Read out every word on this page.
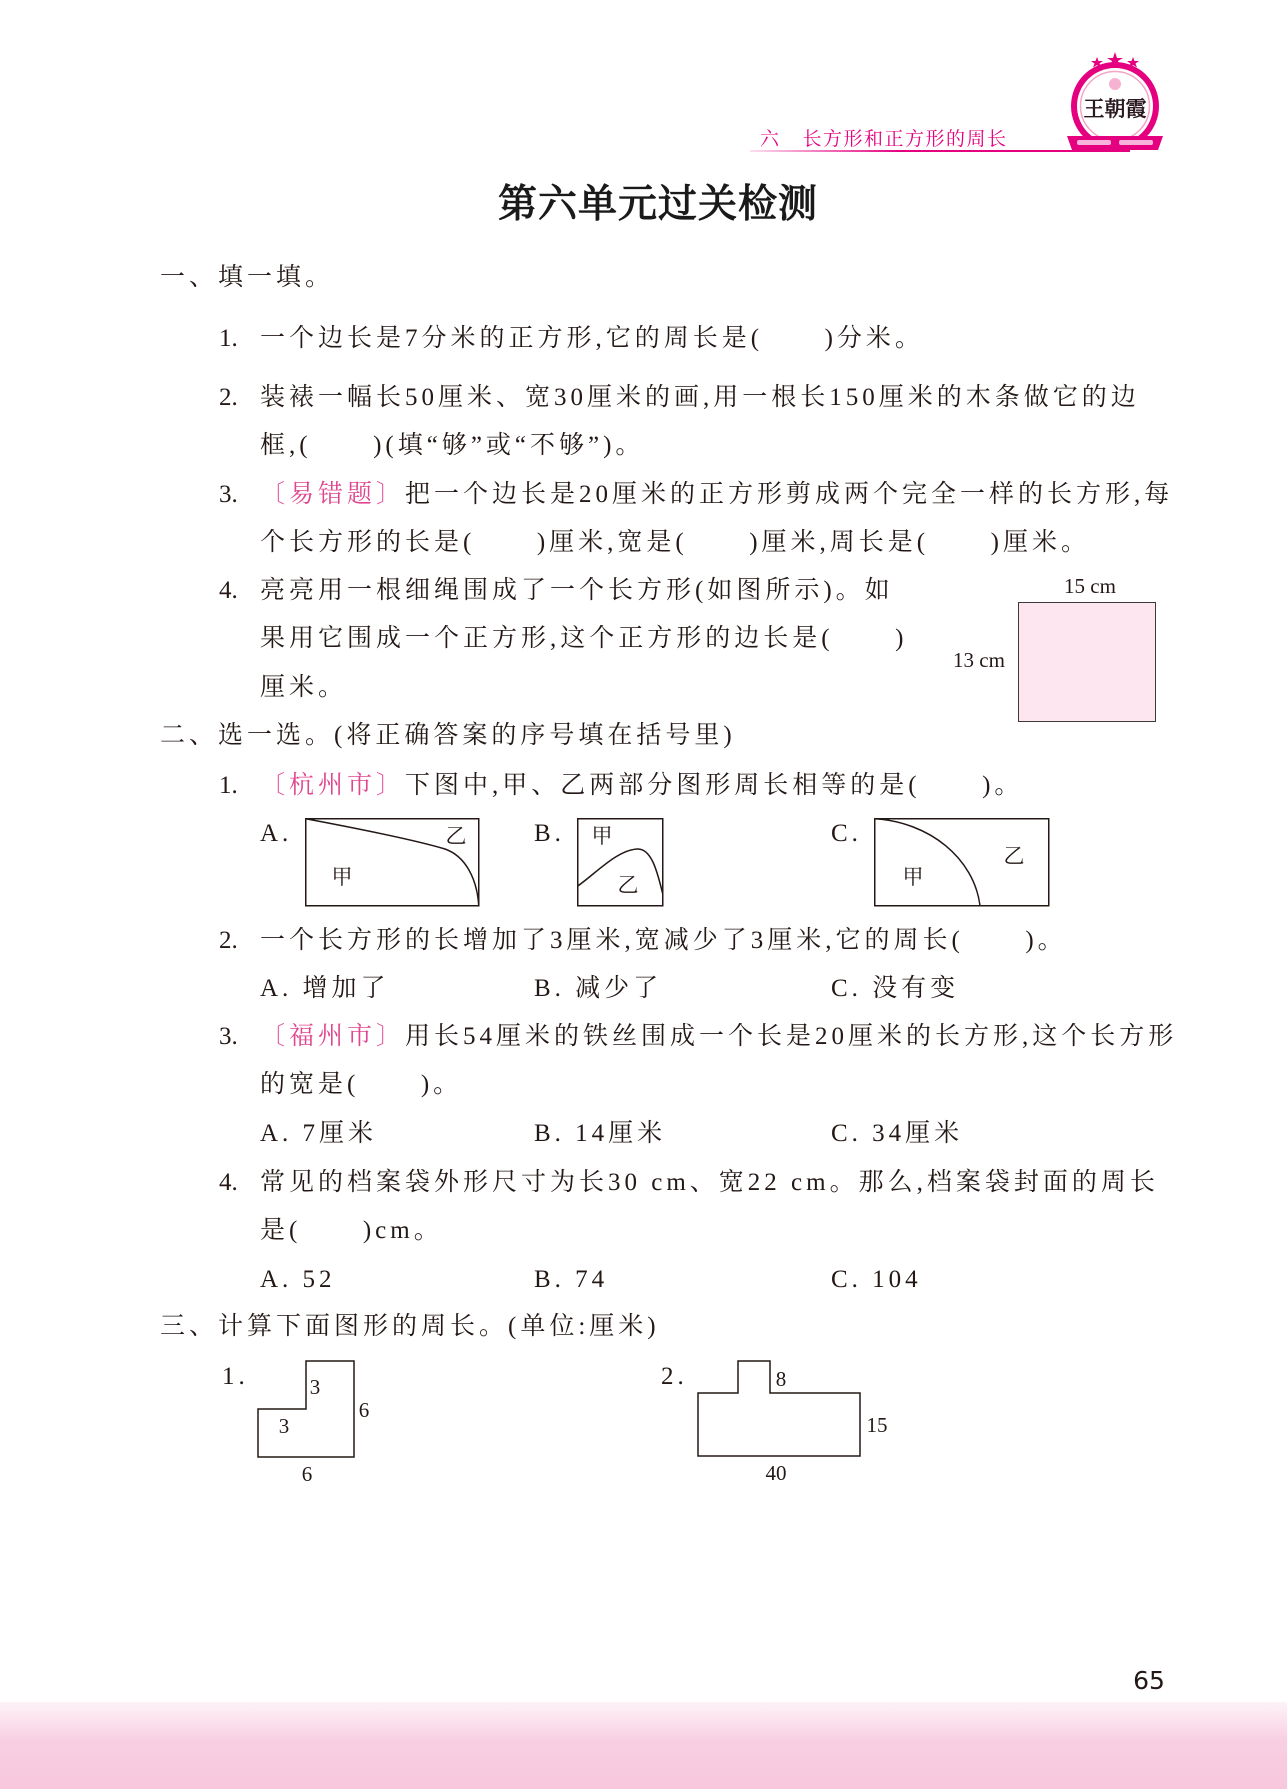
六 长方形和正方形的周长
王朝霞
第六单元过关检测
一、填一填。
1. 一个边长是7分米的正方形,它的周长是(      )分米。
2. 装裱一幅长50厘米、宽30厘米的画,用一根长150厘米的木条做它的边
框,(      )(填“够”或“不够”)。
3. 〔易错题〕把一个边长是20厘米的正方形剪成两个完全一样的长方形,每
个长方形的长是(      )厘米,宽是(      )厘米,周长是(      )厘米。
4. 亮亮用一根细绳围成了一个长方形(如图所示)。如
果用它围成一个正方形,这个正方形的边长是(      )
厘米。
15 cm
13 cm
二、选一选。(将正确答案的序号填在括号里)
1. 〔杭州市〕下图中,甲、乙两部分图形周长相等的是(      )。
A.	乙
甲
B. 甲
乙
C.
乙
甲
2. 一个长方形的长增加了3厘米,宽减少了3厘米,它的周长(      )。
A. 增加了	B. 减少了	C. 没有变
3. 〔福州市〕用长54厘米的铁丝围成一个长是20厘米的长方形,这个长方形
的宽是(      )。
A. 7厘米	B. 14厘米	C. 34厘米
4. 常见的档案袋外形尺寸为长30 cm、宽22 cm。那么,档案袋封面的周长
是(      )cm。
A. 52	B. 74	C. 104
三、计算下面图形的周长。(单位:厘米)
1.	3
3
6
6
2.	8
15
40
65
